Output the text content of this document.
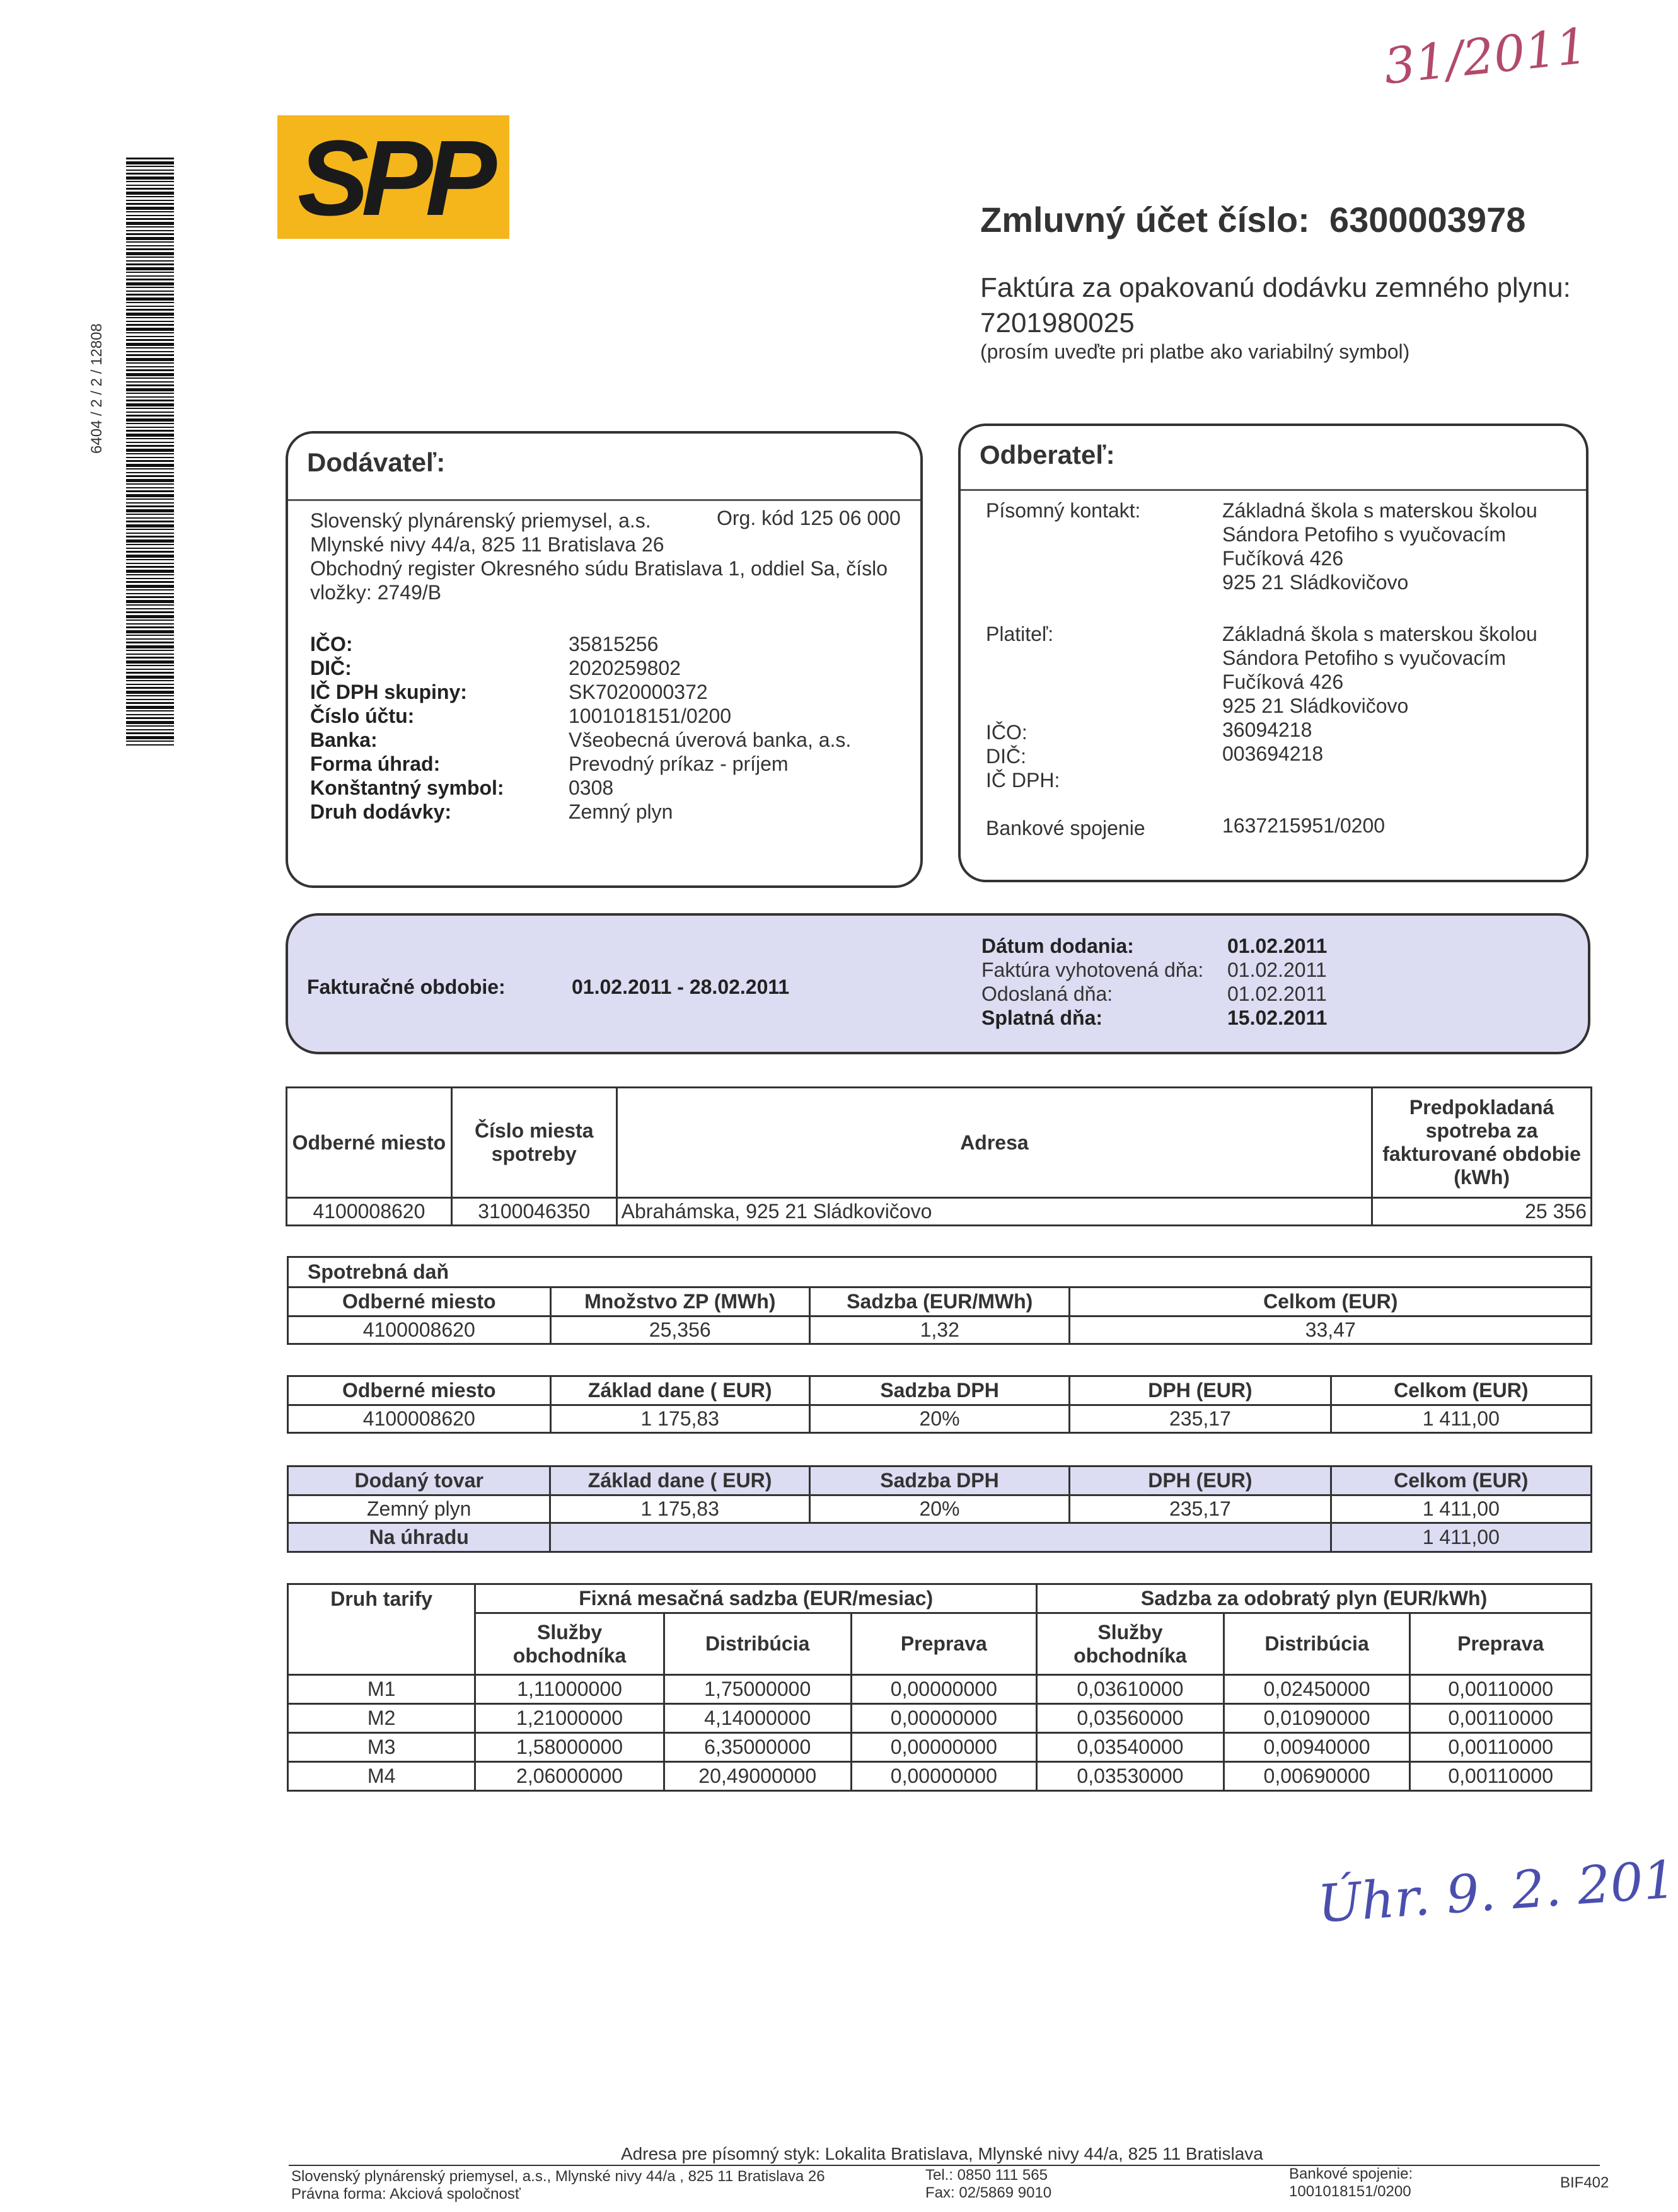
31/2011
Úhr. 9. 2. 201
6404 / 2 / 2 / 12808
SPP	Zmluvný účet číslo: 6300003978
Faktúra za opakovanú dodávku zemného plynu:
7201980025
(prosím uveďte pri platbe ako variabilný symbol)
Dodávateľ:
Slovenský plynárenský priemysel, a.s.	Org. kód 125 06 000
Mlynské nivy 44/a, 825 11 Bratislava 26
Obchodný register Okresného súdu Bratislava 1, oddiel Sa, číslo
vložky: 2749/B
IČO:	35815256
DIČ:	2020259802
IČ DPH skupiny:	SK7020000372
Číslo účtu:	1001018151/0200
Banka:	Všeobecná úverová banka, a.s.
Forma úhrad:	Prevodný príkaz - príjem
Konštantný symbol:	0308
Druh dodávky:	Zemný plyn
Odberateľ:
Písomný kontakt:	Základná škola s materskou školou
Sándora Petofiho s vyučovacím
Fučíková 426
925 21 Sládkovičovo
Platiteľ:	Základná škola s materskou školou
Sándora Petofiho s vyučovacím
Fučíková 426
925 21 Sládkovičovo
IČO:	36094218
DIČ:	003694218
IČ DPH:
Bankové spojenie	1637215951/0200
Fakturačné obdobie:	01.02.2011 - 28.02.2011
Dátum dodania:	01.02.2011
Faktúra vyhotovená dňa: 01.02.2011
Odoslaná dňa:	01.02.2011
Splatná dňa:	15.02.2011
Odberné miesto	Číslo miesta spotreby	Adresa	Predpokladaná spotreba za fakturované obdobie (kWh)
4100008620	3100046350	Abrahámska, 925 21 Sládkovičovo	25 356
Spotrebná daň			
Odberné miesto	Množstvo ZP (MWh)	Sadzba (EUR/MWh)	Celkom (EUR)
4100008620	25,356	1,32	33,47
Odberné miesto	Základ dane ( EUR)	Sadzba DPH	DPH (EUR)	Celkom (EUR)
4100008620	1 175,83	20%	235,17	1 411,00
Dodaný tovar	Základ dane ( EUR)	Sadzba DPH	DPH (EUR)	Celkom (EUR)
Zemný plyn	1 175,83	20%	235,17	1 411,00
Na úhradu				1 411,00
Druh tarify	Fixná mesačná sadzba (EUR/mesiac)			Sadzba za odobratý plyn (EUR/kWh)		
	Služby obchodníka	Distribúcia	Preprava	Služby obchodníka	Distribúcia	Preprava
M1	1,11000000	1,75000000	0,00000000	0,03610000	0,02450000	0,00110000
M2	1,21000000	4,14000000	0,00000000	0,03560000	0,01090000	0,00110000
M3	1,58000000	6,35000000	0,00000000	0,03540000	0,00940000	0,00110000
M4	2,06000000	20,49000000	0,00000000	0,03530000	0,00690000	0,00110000
Adresa pre písomný styk: Lokalita Bratislava, Mlynské nivy 44/a, 825 11 Bratislava
Slovenský plynárenský priemysel, a.s., Mlynské nivy 44/a , 825 11 Bratislava 26
Právna forma: Akciová spoločnosť
Tel.: 0850 111 565
Fax: 02/5869 9010
Bankové spojenie:
1001018151/0200
BIF402
